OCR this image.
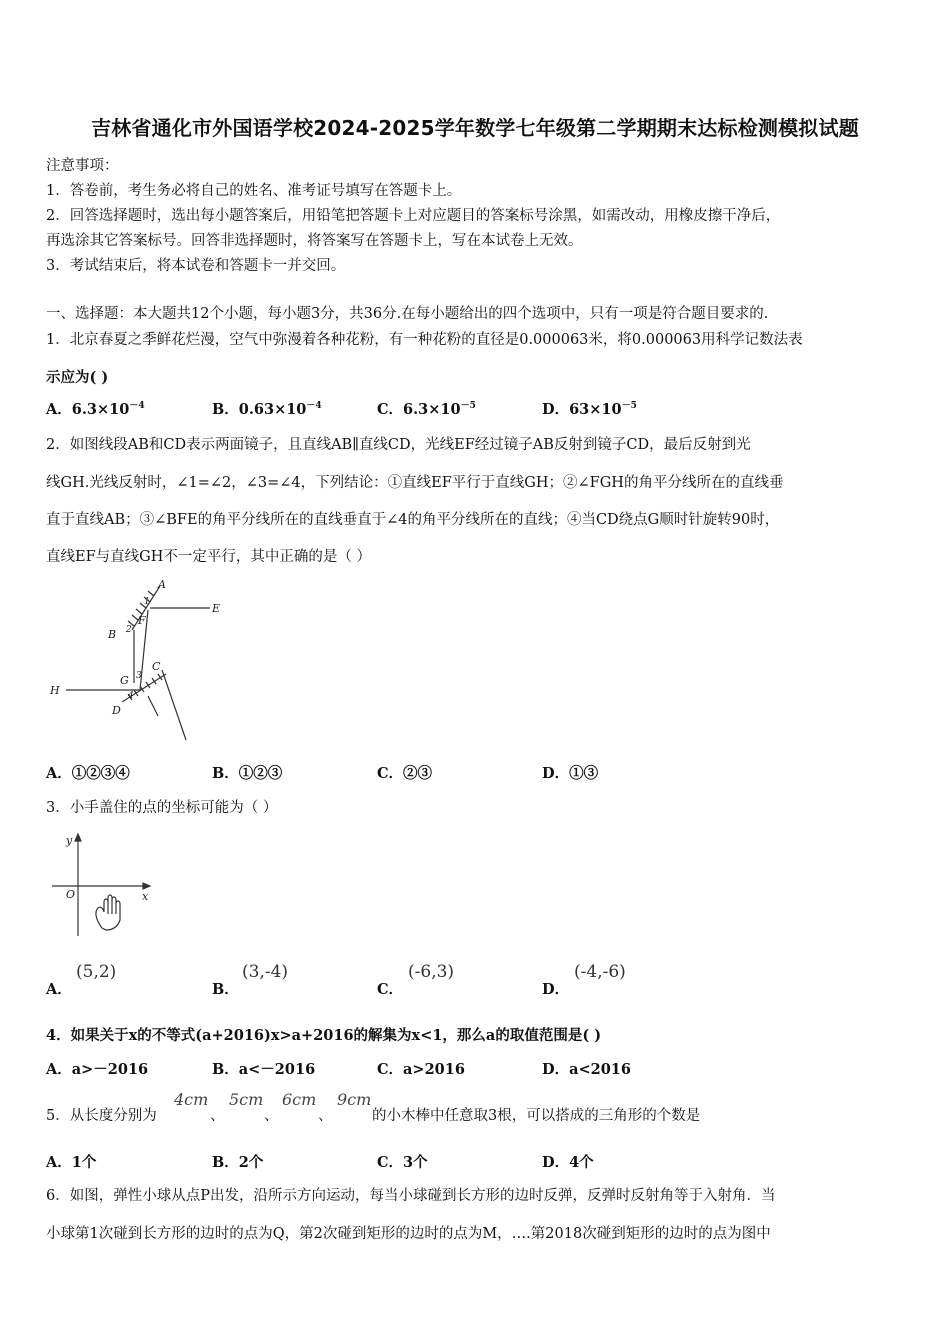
吉林省通化市外国语学校2024-2025学年数学七年级第二学期期末达标检测模拟试题
注意事项：
1．答卷前，考生务必将自己的姓名、准考证号填写在答题卡上。
2．回答选择题时，选出每小题答案后，用铅笔把答题卡上对应题目的答案标号涂黑，如需改动，用橡皮擦干净后，
再选涂其它答案标号。回答非选择题时，将答案写在答题卡上，写在本试卷上无效。
3．考试结束后，将本试卷和答题卡一并交回。
一、选择题：本大题共12个小题，每小题3分，共36分.在每小题给出的四个选项中，只有一项是符合题目要求的.
1．北京春夏之季鲜花烂漫，空气中弥漫着各种花粉，有一种花粉的直径是0.000063米，将0.000063用科学记数法表
示应为( )
A．$6.3\times 10^{-4}$	B．$0.63\times 10^{-4}$	C．$6.3\times 10^{-5}$	D．$63\times 10^{-5}$
2．如图线段AB和CD表示两面镜子，且直线AB∥直线CD，光线EF经过镜子AB反射到镜子CD，最后反射到光
线GH.光线反射时，∠1=∠2，∠3=∠4，下列结论：①直线EF平行于直线GH；②∠FGH的角平分线所在的直线垂
直于直线AB；③∠BFE的角平分线所在的直线垂直于∠4的角平分线所在的直线；④当CD绕点G顺时针旋转90时，
直线EF与直线GH不一定平行，其中正确的是（ ）
A
B
C
D
E
F
G
H
1
2
3
4
A．①②③④	B．①②③	C．②③	D．①③
3．小手盖住的点的坐标可能为（ ）
y
x
O
A．
(5,2)
B．
(3,-4)
C．
(-6,3)
D．
(-4,-6)
4．如果关于x的不等式(a+2016)x>a+2016的解集为x<1，那么a的取值范围是( )
A．a>－2016	B．a<－2016	C．a>2016	D．a<2016
5．从长度分别为
4cm
、
5cm
、
6cm
、
9cm
的小木棒中任意取3根，可以搭成的三角形的个数是
A．1个	B．2个	C．3个	D．4个
6．如图，弹性小球从点P出发，沿所示方向运动，每当小球碰到长方形的边时反弹，反弹时反射角等于入射角．当
小球第1次碰到长方形的边时的点为Q，第2次碰到矩形的边时的点为M，….第2018次碰到矩形的边时的点为图中
